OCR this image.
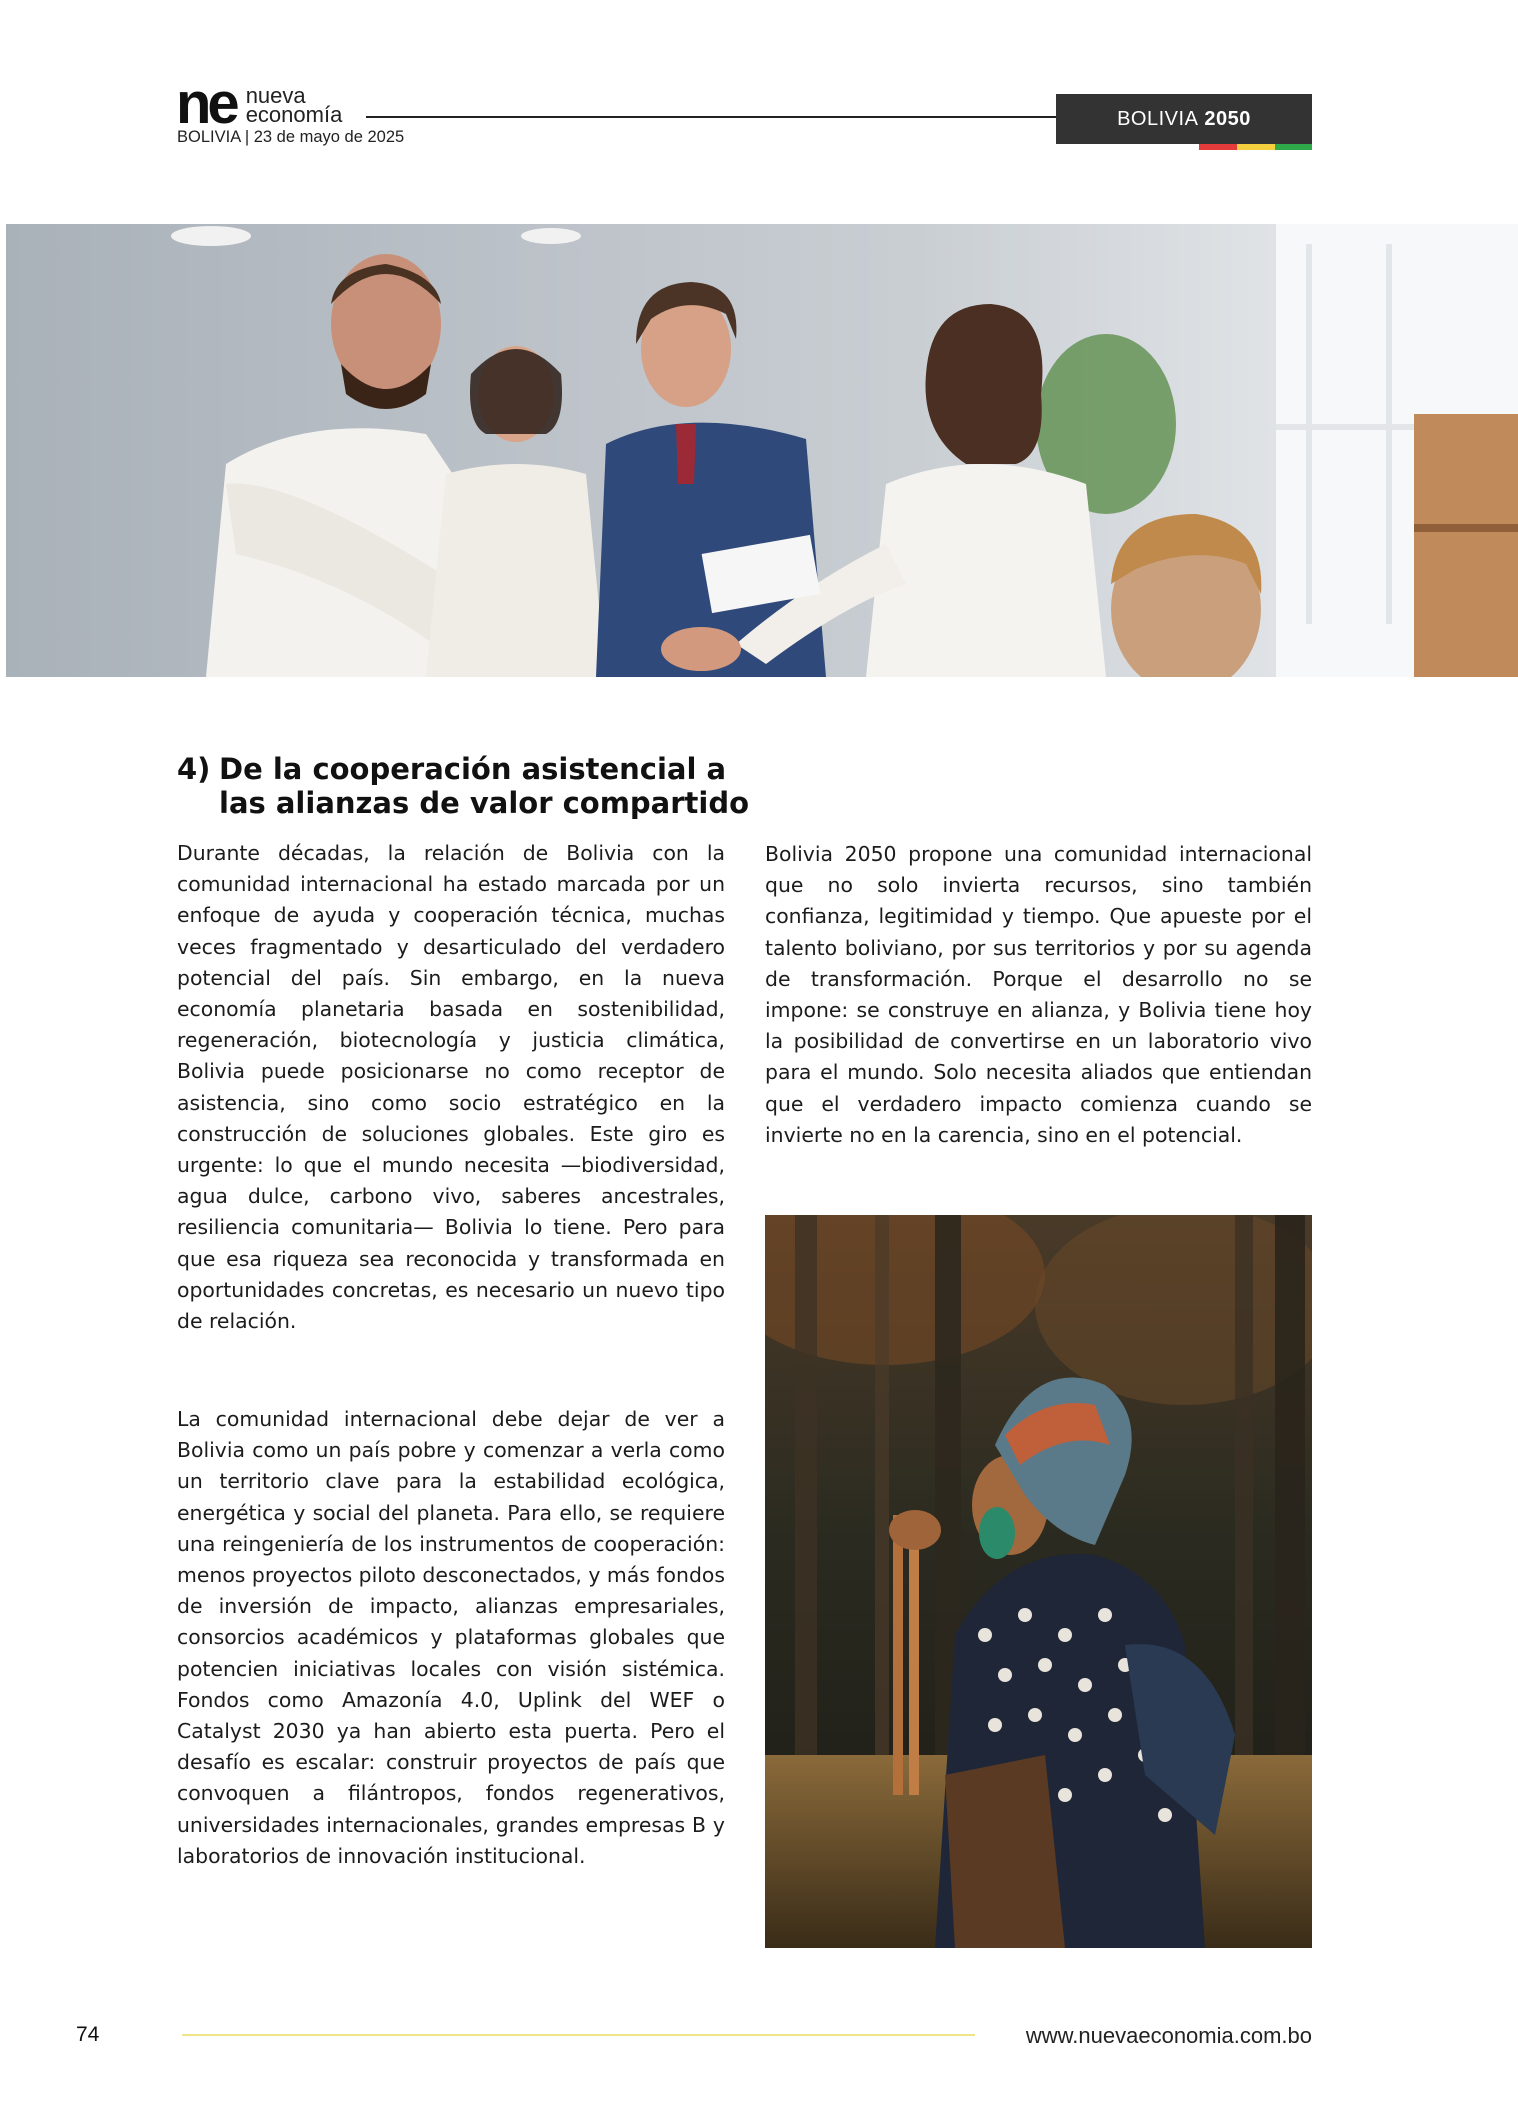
ne nueva
economía
BOLIVIA | 23 de mayo de 2025
BOLIVIA 2050
4) De la cooperación asistencial a
las alianzas de valor compartido

Durante décadas, la relación de Bolivia con la comunidad internacional ha estado marcada por un enfoque de ayuda y cooperación técnica, muchas veces fragmentado y desarticulado del verdadero potencial del país. Sin embargo, en la nueva economía planetaria basada en sostenibilidad, regeneración, biotecnología y justicia climática, Bolivia puede posicionarse no como receptor de asistencia, sino como socio estratégico en la construcción de soluciones globales. Este giro es urgente: lo que el mundo necesita —biodiversidad, agua dulce, carbono vivo, saberes ancestrales, resiliencia comunitaria— Bolivia lo tiene. Pero para que esa riqueza sea reconocida y transformada en oportunidades concretas, es necesario un nuevo tipo de relación.

La comunidad internacional debe dejar de ver a Bolivia como un país pobre y comenzar a verla como un territorio clave para la estabilidad ecológica, energética y social del planeta. Para ello, se requiere una reingeniería de los instrumentos de cooperación: menos proyectos piloto desconectados, y más fondos de inversión de impacto, alianzas empresariales, consorcios académicos y plataformas globales que potencien iniciativas locales con visión sistémica. Fondos como Amazonía 4.0, Uplink del WEF o Catalyst 2030 ya han abierto esta puerta. Pero el desafío es escalar: construir proyectos de país que convoquen a filántropos, fondos regenerativos, universidades internacionales, grandes empresas B y laboratorios de innovación institucional.

Bolivia 2050 propone una comunidad internacional que no solo invierta recursos, sino también confianza, legitimidad y tiempo. Que apueste por el talento boliviano, por sus territorios y por su agenda de transformación. Porque el desarrollo no se impone: se construye en alianza, y Bolivia tiene hoy la posibilidad de convertirse en un laboratorio vivo para el mundo. Solo necesita aliados que entiendan que el verdadero impacto comienza cuando se invierte no en la carencia, sino en el potencial.

74	www.nuevaeconomia.com.bo
